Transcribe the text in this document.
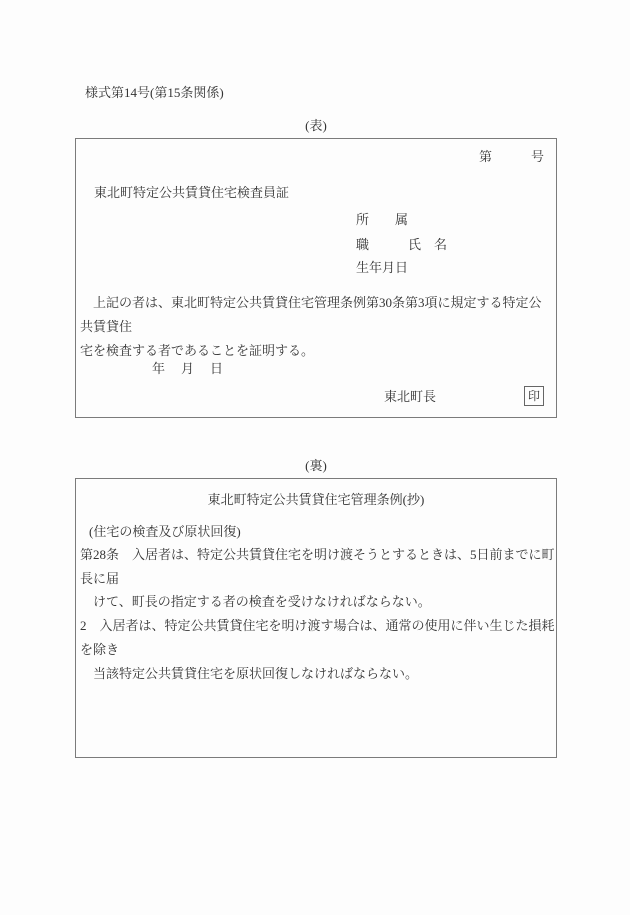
様式第14号(第15条関係)
(表)
第　　　号
東北町特定公共賃貸住宅検査員証
所　　属
職　　　氏　名
生年月日
上記の者は、東北町特定公共賃貸住宅管理条例第30条第3項に規定する特定公共賃貸住
宅を検査する者であることを証明する。
年　月　日
東北町長	印
(裏)
東北町特定公共賃貸住宅管理条例(抄)
(住宅の検査及び原状回復)
第28条　入居者は、特定公共賃貸住宅を明け渡そうとするときは、5日前までに町長に届
けて、町長の指定する者の検査を受けなければならない。
2　入居者は、特定公共賃貸住宅を明け渡す場合は、通常の使用に伴い生じた損耗を除き
当該特定公共賃貸住宅を原状回復しなければならない。
